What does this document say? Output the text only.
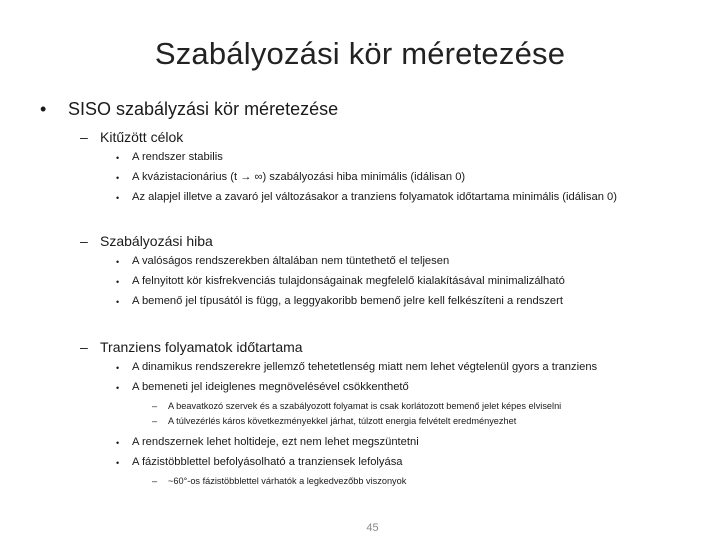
Szabályozási kör méretezése
• SISO szabályzási kör méretezése
– Kitűzött célok
• A rendszer stabilis
• A kvázistacionárius (t → ∞) szabályozási hiba minimális (idálisan 0)
• Az alapjel illetve a zavaró jel változásakor a tranziens folyamatok időtartama minimális (idálisan 0)
– Szabályozási hiba
• A valóságos rendszerekben általában nem tüntethető el teljesen
• A felnyitott kör kisfrekvenciás tulajdonságainak megfelelő kialakításával minimalizálható
• A bemenő jel típusától is függ, a leggyakoribb bemenő jelre kell felkészíteni a rendszert
– Tranziens folyamatok időtartama
• A dinamikus rendszerekre jellemző tehetetlenség miatt nem lehet végtelenül gyors a tranziens
• A bemeneti jel ideiglenes megnövelésével csökkenthető
– A beavatkozó szervek és a szabályozott folyamat is csak korlátozott bemenő jelet képes elviselni
– A túlvezérlés káros következményekkel járhat, túlzott energia felvételt eredményezhet
• A rendszernek lehet holtideje, ezt nem lehet megszüntetni
• A fázistöbblettel befolyásolható a tranziensek lefolyása
– ~60°-os fázistöbblettel várhatók a legkedvezőbb viszonyok
45
